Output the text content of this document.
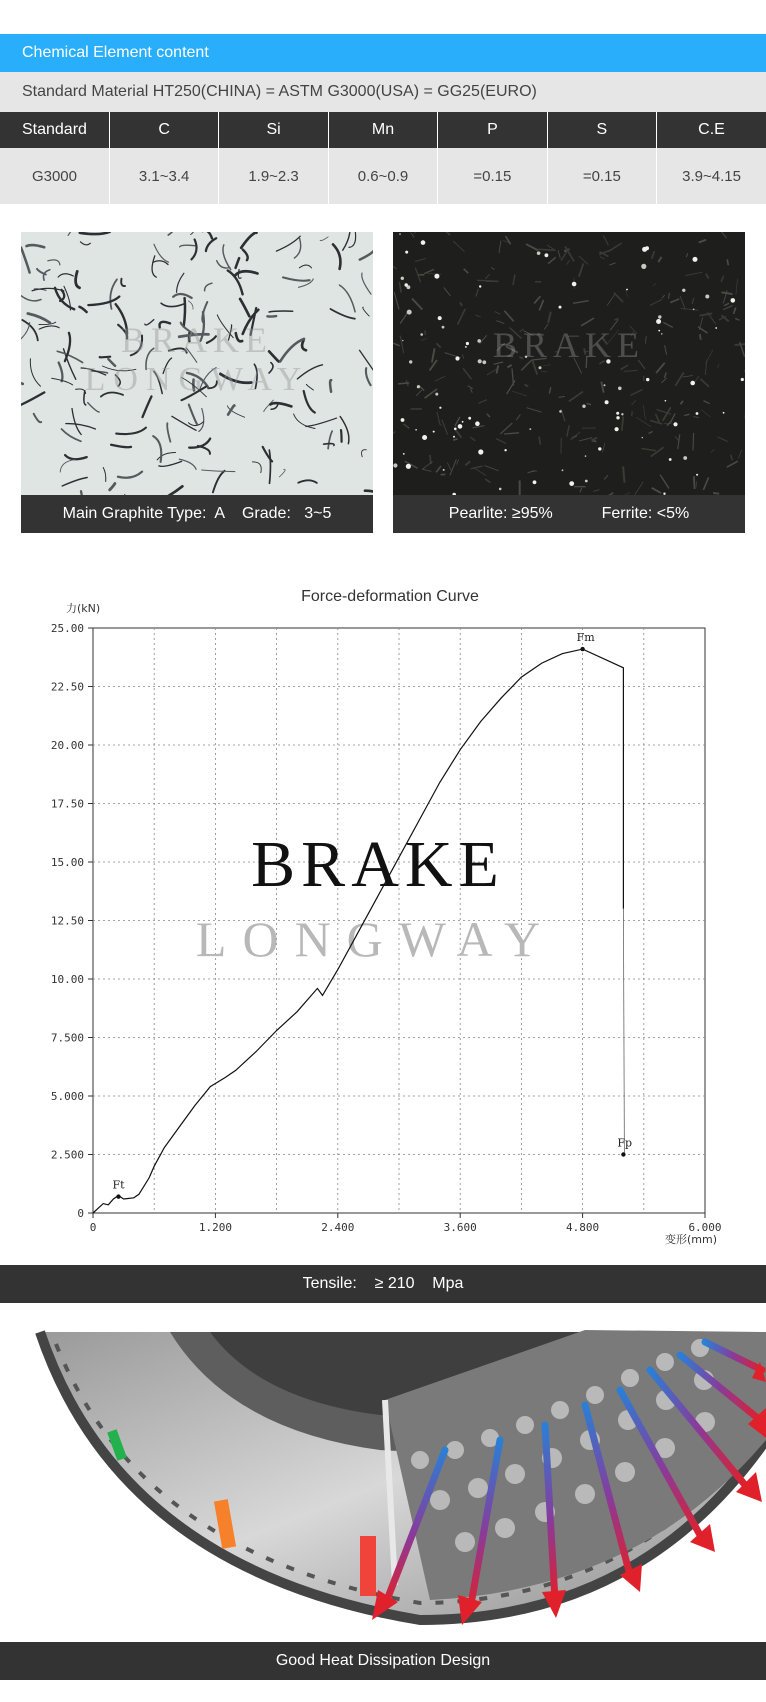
Chemical Element content
Standard Material HT250(CHINA) = ASTM G3000(USA) = GG25(EURO)
Standard	C	Si	Mn	P	S	C.E
G3000	3.1~3.4	1.9~2.3	0.6~0.9	=0.15	=0.15	3.9~4.15
BRAKE
LONGWAY
Main Graphite Type:  A    Grade:   3~5
BRAKE
Pearlite: ≥95%           Ferrite: <5%
Force-deformation Curve
0
2.500
5.000
7.500
10.00
12.50
15.00
17.50
20.00
22.50
25.00
0	1.200	2.400	3.600	4.800	6.000
力(kN)
变形(mm)
BRAKE
LONGWAY
Ft
Fm
Fp
Tensile:    ≥ 210    Mpa
Good Heat Dissipation Design
